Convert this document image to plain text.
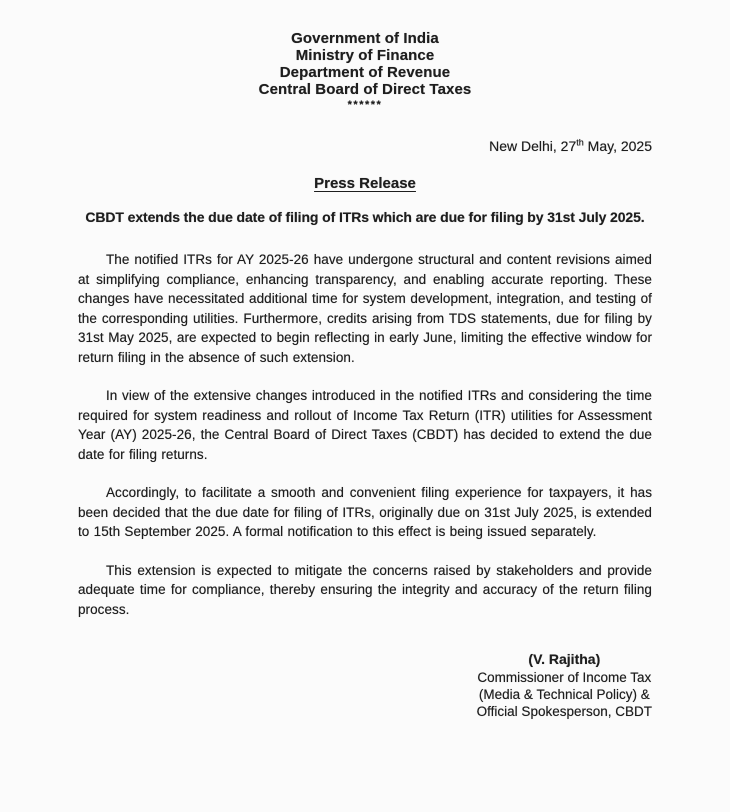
Government of India
Ministry of Finance
Department of Revenue
Central Board of Direct Taxes
******
New Delhi, 27th May, 2025
Press Release
CBDT extends the due date of filing of ITRs which are due for filing by 31st July 2025.

The notified ITRs for AY 2025-26 have undergone structural and content revisions aimed at simplifying compliance, enhancing transparency, and enabling accurate reporting. These changes have necessitated additional time for system development, integration, and testing of the corresponding utilities. Furthermore, credits arising from TDS statements, due for filing by 31st May 2025, are expected to begin reflecting in early June, limiting the effective window for return filing in the absence of such extension.

In view of the extensive changes introduced in the notified ITRs and considering the time required for system readiness and rollout of Income Tax Return (ITR) utilities for Assessment Year (AY) 2025-26, the Central Board of Direct Taxes (CBDT) has decided to extend the due date for filing returns.

Accordingly, to facilitate a smooth and convenient filing experience for taxpayers, it has been decided that the due date for filing of ITRs, originally due on 31st July 2025, is extended to 15th September 2025. A formal notification to this effect is being issued separately.

This extension is expected to mitigate the concerns raised by stakeholders and provide adequate time for compliance, thereby ensuring the integrity and accuracy of the return filing process.

(V. Rajitha)
Commissioner of Income Tax
(Media & Technical Policy) &
Official Spokesperson, CBDT
